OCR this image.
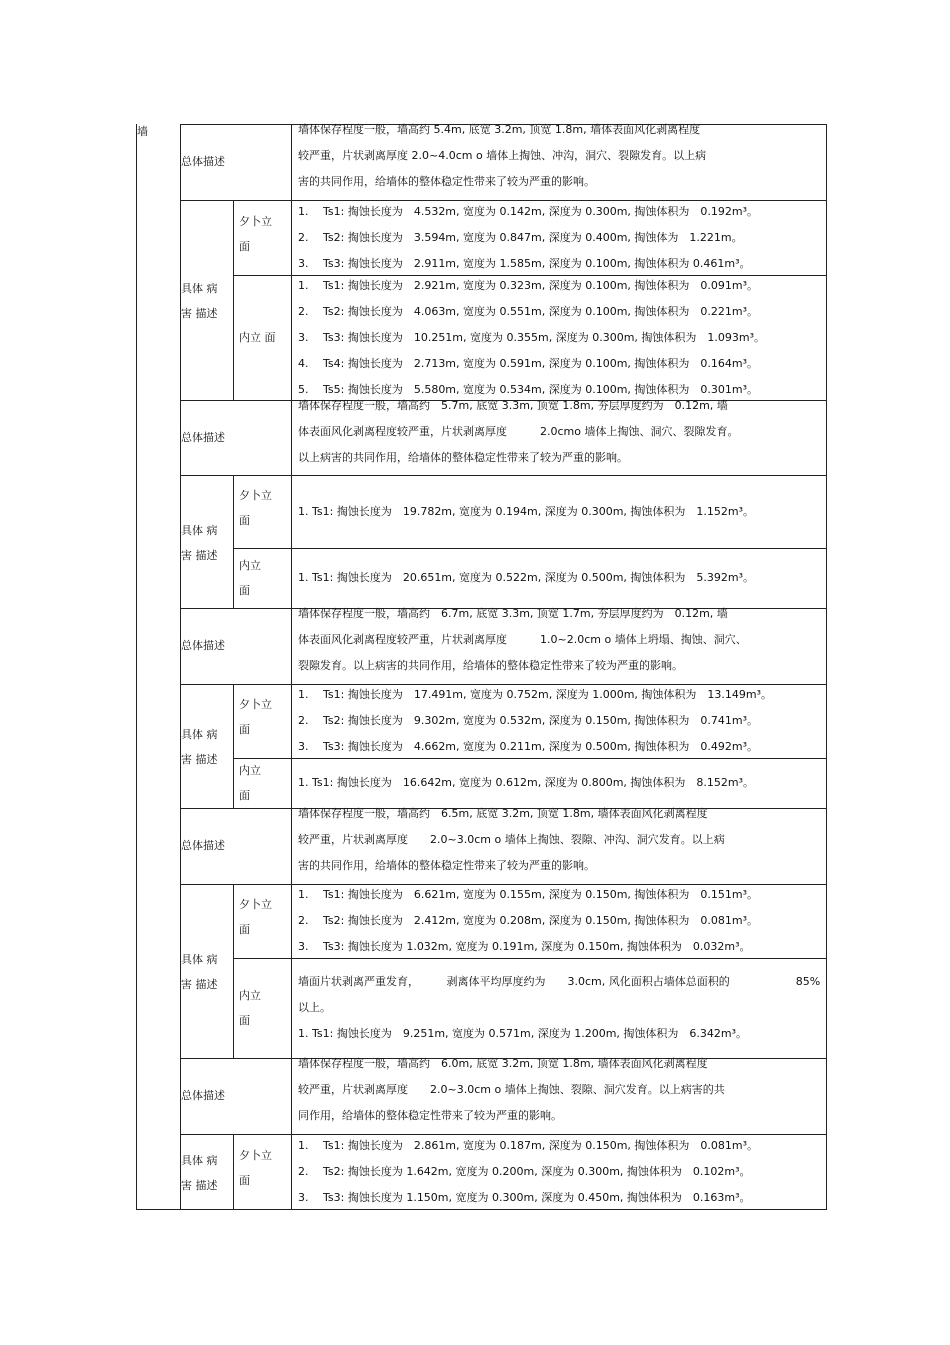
墙
总体描述
墙体保存程度一般，墙高约 5.4m, 底宽 3.2m, 顶宽 1.8m, 墙体表面风化剥离程度
较严重，片状剥离厚度 2.0~4.0cm o 墙体上掏蚀、冲沟，洞穴、裂隙发育。以上病
害的共同作用，给墙体的整体稳定性带来了较为严重的影响。
具体 病
害 描述
夕卜立
面
1.　 Ts1: 掏蚀长度为　4.532m, 宽度为 0.142m, 深度为 0.300m, 掏蚀体积为　0.192m³。
2.　 Ts2: 掏蚀长度为　3.594m, 宽度为 0.847m, 深度为 0.400m, 掏蚀体为　1.221m。
3.　 Ts3: 掏蚀长度为　2.911m, 宽度为 1.585m, 深度为 0.100m, 掏蚀体积为 0.461m³。
内立 面
1.　 Ts1: 掏蚀长度为　2.921m, 宽度为 0.323m, 深度为 0.100m, 掏蚀体积为　0.091m³。
2.　 Ts2: 掏蚀长度为　4.063m, 宽度为 0.551m, 深度为 0.100m, 掏蚀体积为　0.221m³。
3.　 Ts3: 掏蚀长度为　10.251m, 宽度为 0.355m, 深度为 0.300m, 掏蚀体积为　1.093m³。
4.　 Ts4: 掏蚀长度为　2.713m, 宽度为 0.591m, 深度为 0.100m, 掏蚀体积为　0.164m³。
5.　 Ts5: 掏蚀长度为　5.580m, 宽度为 0.534m, 深度为 0.100m, 掏蚀体积为　0.301m³。
总体描述
墙体保存程度一般，墙高约　5.7m, 底宽 3.3m, 顶宽 1.8m, 夯层厚度约为　0.12m, 墙
体表面风化剥离程度较严重，片状剥离厚度　　　2.0cmo 墙体上掏蚀、洞穴、裂隙发育。
以上病害的共同作用，给墙体的整体稳定性带来了较为严重的影响。
具体 病
害 描述
夕卜立
面
1. Ts1: 掏蚀长度为　19.782m, 宽度为 0.194m, 深度为 0.300m, 掏蚀体积为　1.152m³。
内立
面
1. Ts1: 掏蚀长度为　20.651m, 宽度为 0.522m, 深度为 0.500m, 掏蚀体积为　5.392m³。
总体描述
墙体保存程度一般，墙高约　6.7m, 底宽 3.3m, 顶宽 1.7m, 夯层厚度约为　0.12m, 墙
体表面风化剥离程度较严重，片状剥离厚度　　　1.0~2.0cm o 墙体上坍塌、掏蚀、洞穴、
裂隙发育。以上病害的共同作用，给墙体的整体稳定性带来了较为严重的影响。
具体 病
害 描述
夕卜立
面
1.　 Ts1: 掏蚀长度为　17.491m, 宽度为 0.752m, 深度为 1.000m, 掏蚀体积为　13.149m³。
2.　 Ts2: 掏蚀长度为　9.302m, 宽度为 0.532m, 深度为 0.150m, 掏蚀体积为　0.741m³。
3.　 Ts3: 掏蚀长度为　4.662m, 宽度为 0.211m, 深度为 0.500m, 掏蚀体积为　0.492m³。
内立
面
1. Ts1: 掏蚀长度为　16.642m, 宽度为 0.612m, 深度为 0.800m, 掏蚀体积为　8.152m³。
总体描述
墙体保存程度一般，墙高约　6.5m, 底宽 3.2m, 顶宽 1.8m, 墙体表面风化剥离程度
较严重，片状剥离厚度　　2.0~3.0cm o 墙体上掏蚀、裂隙、冲沟、洞穴发育。以上病
害的共同作用，给墙体的整体稳定性带来了较为严重的影响。
具体 病
害 描述
夕卜立
面
1.　 Ts1: 掏蚀长度为　6.621m, 宽度为 0.155m, 深度为 0.150m, 掏蚀体积为　0.151m³。
2.　 Ts2: 掏蚀长度为　2.412m, 宽度为 0.208m, 深度为 0.150m, 掏蚀体积为　0.081m³。
3.　 Ts3: 掏蚀长度为 1.032m, 宽度为 0.191m, 深度为 0.150m, 掏蚀体积为　0.032m³。
内立
面
墙面片状剥离严重发育，　　　剥离体平均厚度约为　　3.0cm, 风化面积占墙体总面积的　　　　　　85%
以上。
1. Ts1: 掏蚀长度为　9.251m, 宽度为 0.571m, 深度为 1.200m, 掏蚀体积为　6.342m³。
总体描述
墙体保存程度一般，墙高约　6.0m, 底宽 3.2m, 顶宽 1.8m, 墙体表面风化剥离程度
较严重，片状剥离厚度　　2.0~3.0cm o 墙体上掏蚀、裂隙、洞穴发育。以上病害的共
同作用，给墙体的整体稳定性带来了较为严重的影响。
具体 病
害 描述
夕卜立
面
1.　 Ts1: 掏蚀长度为　2.861m, 宽度为 0.187m, 深度为 0.150m, 掏蚀体积为　0.081m³。
2.　 Ts2: 掏蚀长度为 1.642m, 宽度为 0.200m, 深度为 0.300m, 掏蚀体积为　0.102m³。
3.　 Ts3: 掏蚀长度为 1.150m, 宽度为 0.300m, 深度为 0.450m, 掏蚀体积为　0.163m³。
